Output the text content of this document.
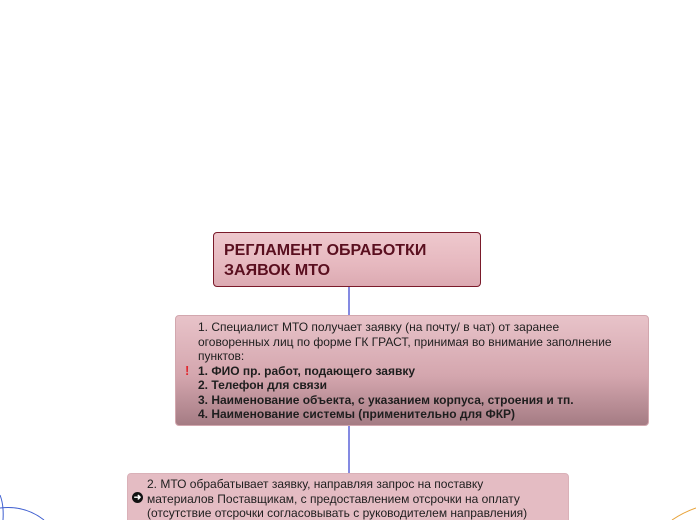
РЕГЛАМЕНТ ОБРАБОТКИ
ЗАЯВОК МТО
!

1. Специалист МТО получает заявку (на почту/ в чат) от заранее

оговоренных лиц по форме ГК ГРАСТ, принимая во внимание заполнение

пунктов:

1. ФИО пр. работ, подающего заявку

2. Телефон для связи

3. Наименование объекта, с указанием корпуса, строения и тп.

4. Наименование системы (применительно для ФКР)

➜

2. МТО обрабатывает заявку, направляя запрос на поставку

материалов Поставщикам, с предоставлением отсрочки на оплату

(отсутствие отсрочки согласовывать с руководителем направления)
